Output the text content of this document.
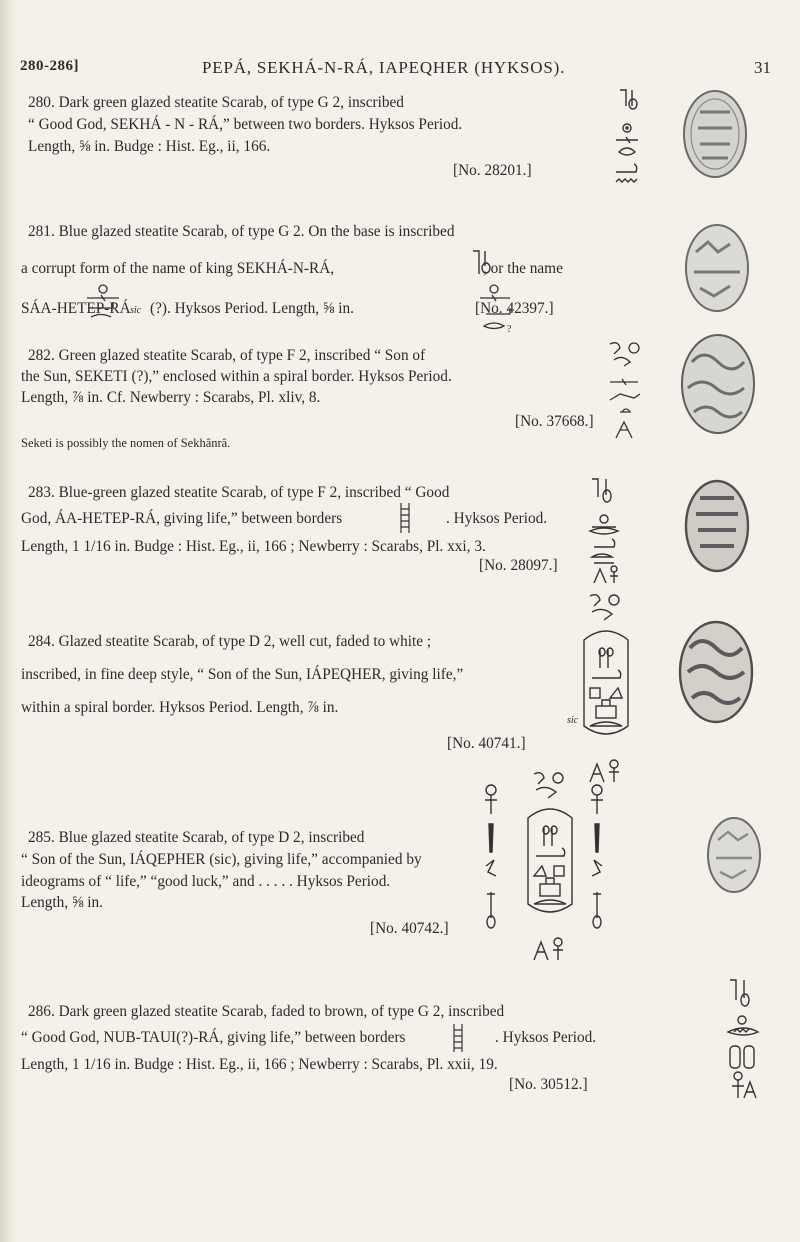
280-286]	PEPÁ, SEKHÁ-N-RÁ, IAPEQHER (HYKSOS).	31
280. Dark green glazed steatite Scarab, of type G 2, inscribed
“ Good God, SEKHÁ - N - RÁ,” between two borders. Hyksos Period.
Length, ⅝ in. Budge : Hist. Eg., ii, 166.
[No. 28201.]
281. Blue glazed steatite Scarab, of type G 2. On the base is inscribed
a corrupt form of the name of king SEKHÁ-N-RÁ,	, or the name
SÁA-HETEP-RÁ (?). Hyksos Period. Length, ⅝ in.	[No. 42397.]
sic
?
282. Green glazed steatite Scarab, of type F 2, inscribed “ Son of
the Sun, SEKETI (?),” enclosed within a spiral border. Hyksos Period.
Length, ⅞ in. Cf. Newberry : Scarabs, Pl. xliv, 8.
[No. 37668.]
Seketi is possibly the nomen of Sekhânrâ.
283. Blue-green glazed steatite Scarab, of type F 2, inscribed “ Good
God, ÁA-HETEP-RÁ, giving life,” between borders	. Hyksos Period.
Length, 1 1/16 in. Budge : Hist. Eg., ii, 166 ; Newberry : Scarabs, Pl. xxi, 3.
[No. 28097.]
284. Glazed steatite Scarab, of type D 2, well cut, faded to white ;
inscribed, in fine deep style, “ Son of the Sun, IÁPEQHER, giving life,”
within a spiral border. Hyksos Period. Length, ⅞ in.
[No. 40741.]
sic
285. Blue glazed steatite Scarab, of type D 2, inscribed
“ Son of the Sun, IÁQEPHER (sic), giving life,” accompanied by
ideograms of “ life,” “good luck,” and . . . . . Hyksos Period.
Length, ⅝ in.
[No. 40742.]
286. Dark green glazed steatite Scarab, faded to brown, of type G 2, inscribed
“ Good God, NUB-TAUI(?)-RÁ, giving life,” between borders	. Hyksos Period.
Length, 1 1/16 in. Budge : Hist. Eg., ii, 166 ; Newberry : Scarabs, Pl. xxii, 19.
[No. 30512.]
